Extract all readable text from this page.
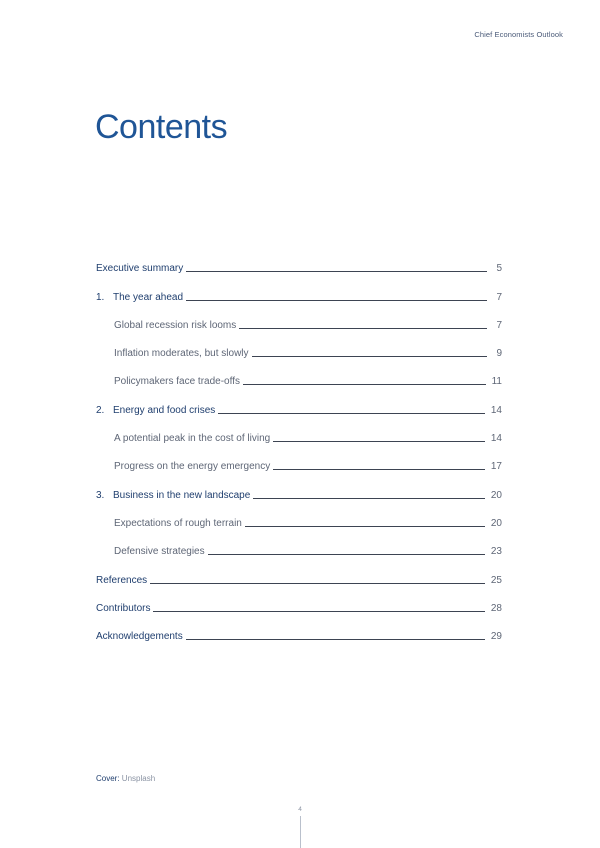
Chief Economists Outlook
Contents
Executive summary	5
1. The year ahead	7
Global recession risk looms	7
Inflation moderates, but slowly	9
Policymakers face trade-offs	11
2. Energy and food crises	14
A potential peak in the cost of living	14
Progress on the energy emergency	17
3. Business in the new landscape	20
Expectations of rough terrain	20
Defensive strategies	23
References	25
Contributors	28
Acknowledgements	29
Cover: Unsplash
4
